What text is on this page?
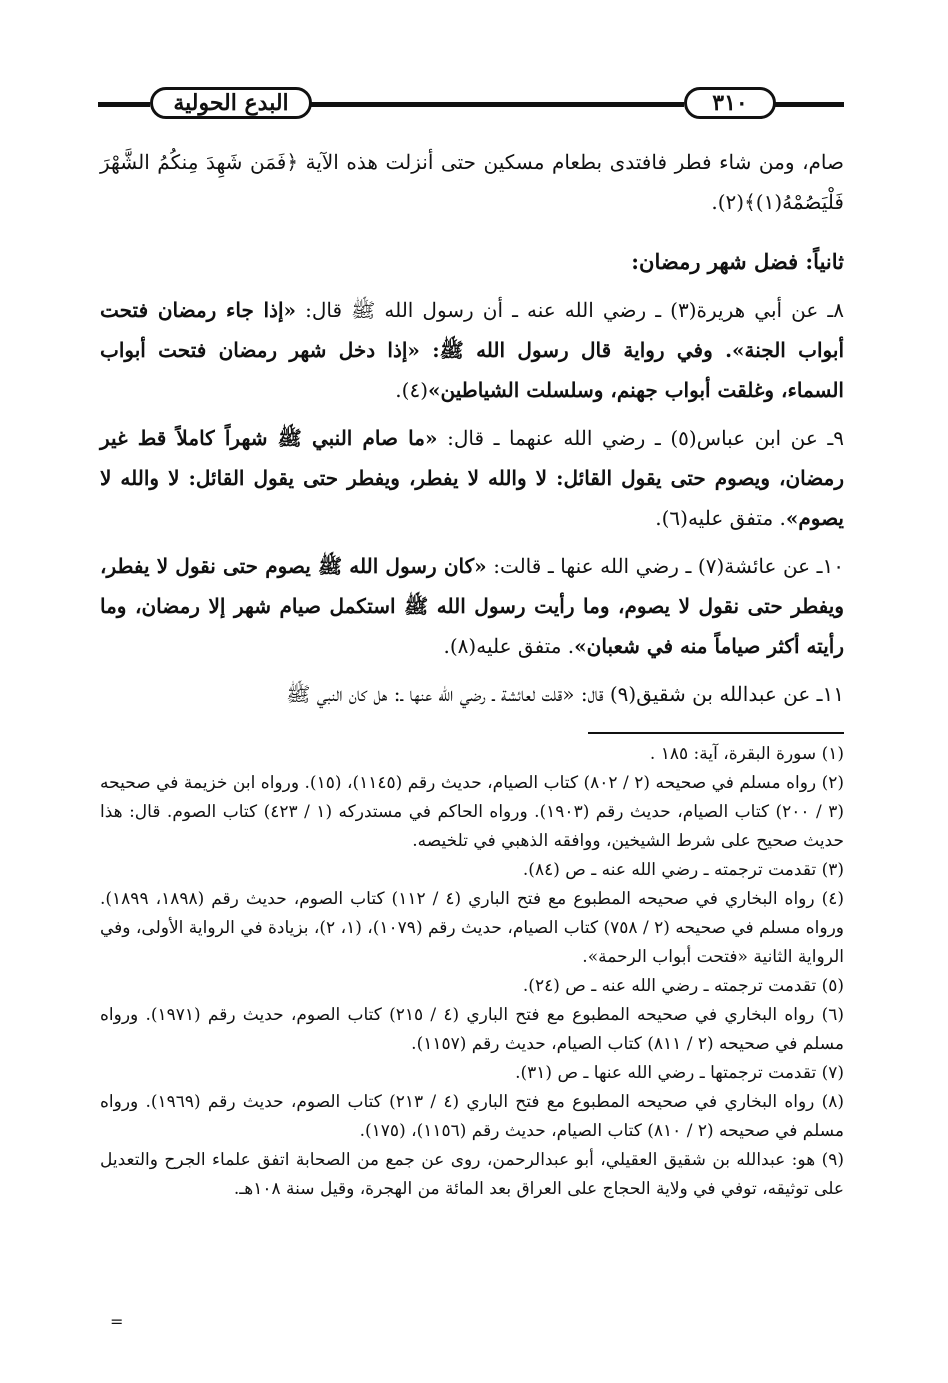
البدع الحولية	٣١٠

صام، ومن شاء فطر فافتدى بطعام مسكين حتى أنزلت هذه الآية ﴿فَمَن شَهِدَ مِنكُمُ الشَّهْرَ فَلْيَصُمْهُ(١)﴾(٢).

ثانياً: فضل شهر رمضان:

٨ـ عن أبي هريرة(٣) ـ رضي الله عنه ـ أن رسول الله ﷺ قال: «إذا جاء رمضان فتحت أبواب الجنة». وفي رواية قال رسول الله ﷺ: «إذا دخل شهر رمضان فتحت أبواب السماء، وغلقت أبواب جهنم، وسلسلت الشياطين»(٤).

٩ـ عن ابن عباس(٥) ـ رضي الله عنهما ـ قال: «ما صام النبي ﷺ شهراً كاملاً قط غير رمضان، ويصوم حتى يقول القائل: لا والله لا يفطر، ويفطر حتى يقول القائل: لا والله لا يصوم». متفق عليه(٦).

١٠ـ عن عائشة(٧) ـ رضي الله عنها ـ قالت: «كان رسول الله ﷺ يصوم حتى نقول لا يفطر، ويفطر حتى نقول لا يصوم، وما رأيت رسول الله ﷺ استكمل صيام شهر إلا رمضان، وما رأيته أكثر صياماً منه في شعبان». متفق عليه(٨).

١١ـ عن عبدالله بن شقيق(٩) قال: «قلت لعائشة ـ رضي الله عنها ـ: هل كان النبي ﷺ

(١) سورة البقرة، آية: ١٨٥ .

(٢) رواه مسلم في صحيحه (٢ / ٨٠٢) كتاب الصيام، حديث رقم (١١٤٥)، (١٥). ورواه ابن خزيمة في صحيحه (٣ / ٢٠٠) كتاب الصيام، حديث رقم (١٩٠٣). ورواه الحاكم في مستدركه (١ / ٤٢٣) كتاب الصوم. قال: هذا حديث صحيح على شرط الشيخين، ووافقه الذهبي في تلخيصه.

(٣) تقدمت ترجمته ـ رضي الله عنه ـ ص (٨٤).

(٤) رواه البخاري في صحيحه المطبوع مع فتح الباري (٤ / ١١٢) كتاب الصوم، حديث رقم (١٨٩٨، ١٨٩٩). ورواه مسلم في صحيحه (٢ / ٧٥٨) كتاب الصيام، حديث رقم (١٠٧٩)، (١، ٢)، بزيادة في الرواية الأولى، وفي الرواية الثانية «فتحت أبواب الرحمة».

(٥) تقدمت ترجمته ـ رضي الله عنه ـ ص (٢٤).

(٦) رواه البخاري في صحيحه المطبوع مع فتح الباري (٤ / ٢١٥) كتاب الصوم، حديث رقم (١٩٧١). ورواه مسلم في صحيحه (٢ / ٨١١) كتاب الصيام، حديث رقم (١١٥٧).

(٧) تقدمت ترجمتها ـ رضي الله عنها ـ ص (٣١).

(٨) رواه البخاري في صحيحه المطبوع مع فتح الباري (٤ / ٢١٣) كتاب الصوم، حديث رقم (١٩٦٩). ورواه مسلم في صحيحه (٢ / ٨١٠) كتاب الصيام، حديث رقم (١١٥٦)، (١٧٥).

(٩) هو: عبدالله بن شقيق العقيلي، أبو عبدالرحمن، روى عن جمع من الصحابة اتفق علماء الجرح والتعديل على توثيقه، توفي في ولاية الحجاج على العراق بعد المائة من الهجرة، وقيل سنة ١٠٨هـ.

=
